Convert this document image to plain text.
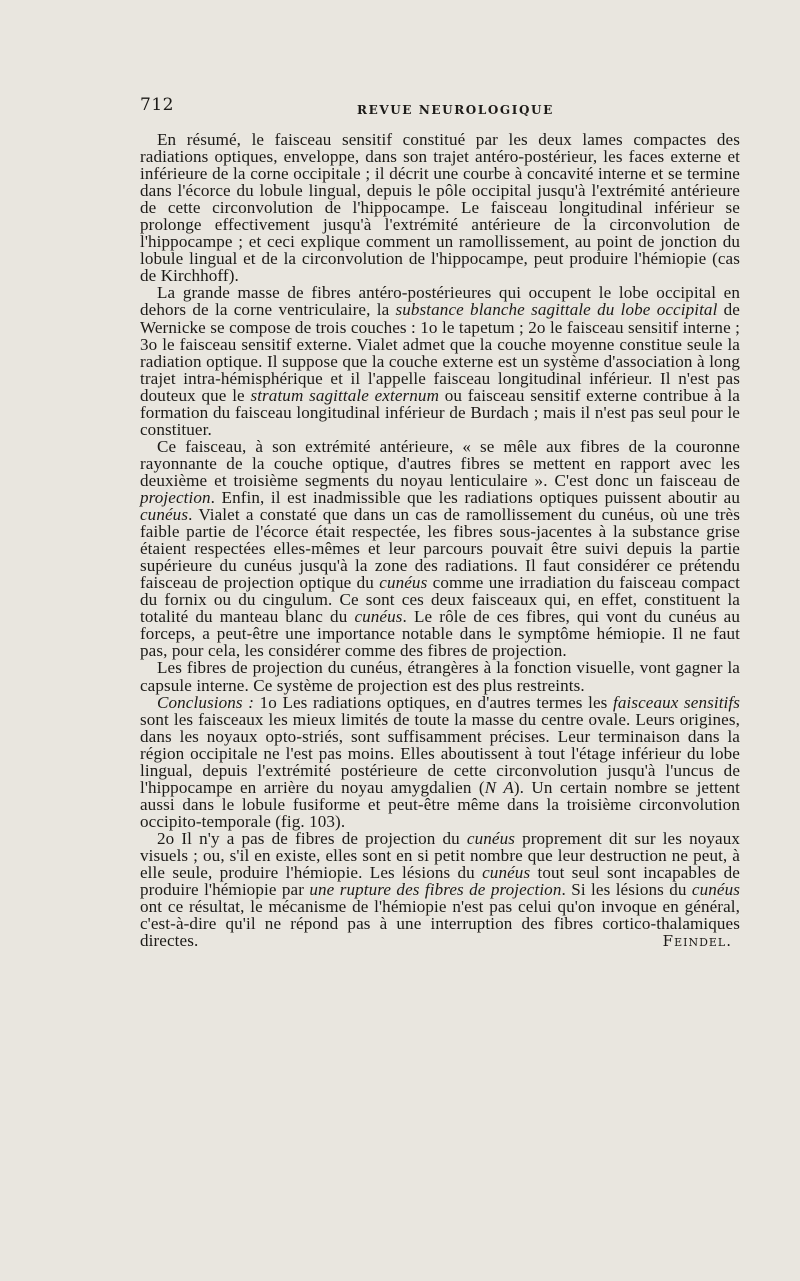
712	REVUE NEUROLOGIQUE

En résumé, le faisceau sensitif constitué par les deux lames compactes des radiations optiques, enveloppe, dans son trajet antéro-postérieur, les faces externe et inférieure de la corne occipitale ; il décrit une courbe à concavité interne et se termine dans l'écorce du lobule lingual, depuis le pôle occipital jusqu'à l'extrémité antérieure de cette circonvolution de l'hippocampe. Le faisceau longitudinal inférieur se prolonge effectivement jusqu'à l'extrémité antérieure de la circonvolution de l'hippocampe ; et ceci explique comment un ramollissement, au point de jonction du lobule lingual et de la circonvolution de l'hippocampe, peut produire l'hémiopie (cas de Kirchhoff).

La grande masse de fibres antéro-postérieures qui occupent le lobe occipital en dehors de la corne ventriculaire, la substance blanche sagittale du lobe occipital de Wernicke se compose de trois couches : 1o le tapetum ; 2o le faisceau sensitif interne ; 3o le faisceau sensitif externe. Vialet admet que la couche moyenne constitue seule la radiation optique. Il suppose que la couche externe est un système d'association à long trajet intra-hémisphérique et il l'appelle faisceau longitudinal inférieur. Il n'est pas douteux que le stratum sagittale externum ou faisceau sensitif externe contribue à la formation du faisceau longitudinal inférieur de Burdach ; mais il n'est pas seul pour le constituer.

Ce faisceau, à son extrémité antérieure, « se mêle aux fibres de la couronne rayonnante de la couche optique, d'autres fibres se mettent en rapport avec les deuxième et troisième segments du noyau lenticulaire ». C'est donc un faisceau de projection. Enfin, il est inadmissible que les radiations optiques puissent aboutir au cunéus. Vialet a constaté que dans un cas de ramollissement du cunéus, où une très faible partie de l'écorce était respectée, les fibres sous-jacentes à la substance grise étaient respectées elles-mêmes et leur parcours pouvait être suivi depuis la partie supérieure du cunéus jusqu'à la zone des radiations. Il faut considérer ce prétendu faisceau de projection optique du cunéus comme une irradiation du faisceau compact du fornix ou du cingulum. Ce sont ces deux faisceaux qui, en effet, constituent la totalité du manteau blanc du cunéus. Le rôle de ces fibres, qui vont du cunéus au forceps, a peut-être une importance notable dans le symptôme hémiopie. Il ne faut pas, pour cela, les considérer comme des fibres de projection.

Les fibres de projection du cunéus, étrangères à la fonction visuelle, vont gagner la capsule interne. Ce système de projection est des plus restreints.

Conclusions : 1o Les radiations optiques, en d'autres termes les faisceaux sensitifs sont les faisceaux les mieux limités de toute la masse du centre ovale. Leurs origines, dans les noyaux opto-striés, sont suffisamment précises. Leur terminaison dans la région occipitale ne l'est pas moins. Elles aboutissent à tout l'étage inférieur du lobe lingual, depuis l'extrémité postérieure de cette circonvolution jusqu'à l'uncus de l'hippocampe en arrière du noyau amygdalien (N A). Un certain nombre se jettent aussi dans le lobule fusiforme et peut-être même dans la troisième circonvolution occipito-temporale (fig. 103).

2o Il n'y a pas de fibres de projection du cunéus proprement dit sur les noyaux visuels ; ou, s'il en existe, elles sont en si petit nombre que leur destruction ne peut, à elle seule, produire l'hémiopie. Les lésions du cunéus tout seul sont incapables de produire l'hémiopie par une rupture des fibres de projection. Si les lésions du cunéus ont ce résultat, le mécanisme de l'hémiopie n'est pas celui qu'on invoque en général, c'est-à-dire qu'il ne répond pas à une interruption des fibres cortico-thalamiques directes.	Feindel.
